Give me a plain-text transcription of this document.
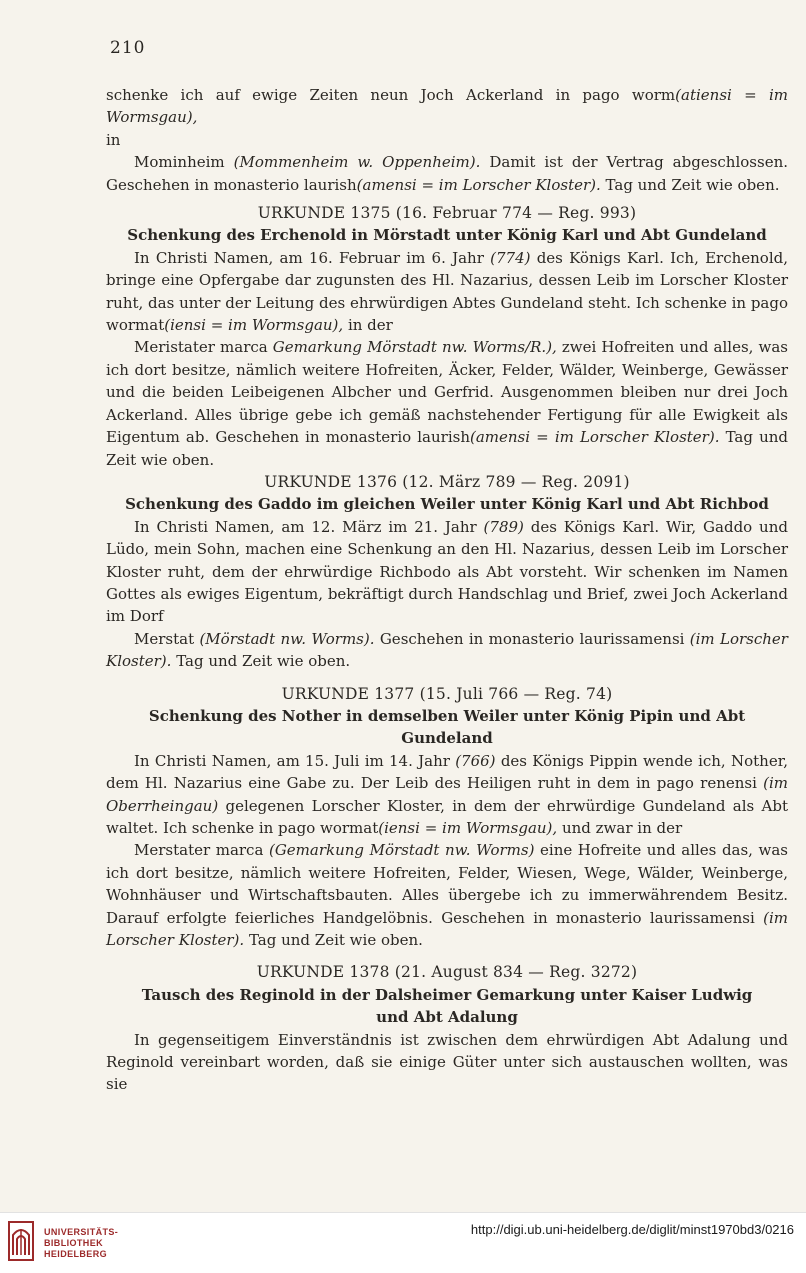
210

schenke ich auf ewige Zeiten neun Joch Ackerland in pago worm(atiensi = im Wormsgau),
in

Mominheim (Mommenheim w. Oppenheim). Damit ist der Vertrag abgeschlossen. Geschehen in monasterio laurish(amensi = im Lorscher Kloster). Tag und Zeit wie oben.

URKUNDE 1375 (16. Februar 774 — Reg. 993)

Schenkung des Erchenold in Mörstadt unter König Karl und Abt Gundeland

In Christi Namen, am 16. Februar im 6. Jahr (774) des Königs Karl. Ich, Erchenold, bringe eine Opfergabe dar zugunsten des Hl. Nazarius, dessen Leib im Lorscher Kloster ruht, das unter der Leitung des ehrwürdigen Abtes Gundeland steht. Ich schenke in pago wormat(iensi = im Wormsgau), in der

Meristater marca Gemarkung Mörstadt nw. Worms/R.), zwei Hofreiten und alles, was ich dort besitze, nämlich weitere Hofreiten, Äcker, Felder, Wälder, Weinberge, Gewässer und die beiden Leibeigenen Albcher und Gerfrid. Ausgenommen bleiben nur drei Joch Ackerland. Alles übrige gebe ich gemäß nachstehender Fertigung für alle Ewigkeit als Eigentum ab. Geschehen in monasterio laurish(amensi = im Lorscher Kloster). Tag und Zeit wie oben.

URKUNDE 1376 (12. März 789 — Reg. 2091)

Schenkung des Gaddo im gleichen Weiler unter König Karl und Abt Richbod

In Christi Namen, am 12. März im 21. Jahr (789) des Königs Karl. Wir, Gaddo und Lüdo, mein Sohn, machen eine Schenkung an den Hl. Nazarius, dessen Leib im Lorscher Kloster ruht, dem der ehrwürdige Richbodo als Abt vorsteht. Wir schenken im Namen Gottes als ewiges Eigentum, bekräftigt durch Handschlag und Brief, zwei Joch Ackerland im Dorf

Merstat (Mörstadt nw. Worms). Geschehen in monasterio laurissamensi (im Lorscher Kloster). Tag und Zeit wie oben.

URKUNDE 1377 (15. Juli 766 — Reg. 74)

Schenkung des Nother in demselben Weiler unter König Pipin und Abt Gundeland

In Christi Namen, am 15. Juli im 14. Jahr (766) des Königs Pippin wende ich, Nother, dem Hl. Nazarius eine Gabe zu. Der Leib des Heiligen ruht in dem in pago renensi (im Oberrheingau) gelegenen Lorscher Kloster, in dem der ehrwürdige Gundeland als Abt waltet. Ich schenke in pago wormat(iensi = im Wormsgau), und zwar in der

Merstater marca (Gemarkung Mörstadt nw. Worms) eine Hofreite und alles das, was ich dort besitze, nämlich weitere Hofreiten, Felder, Wiesen, Wege, Wälder, Weinberge, Wohnhäuser und Wirtschaftsbauten. Alles übergebe ich zu immerwährendem Besitz. Darauf erfolgte feierliches Handgelöbnis. Geschehen in monasterio laurissamensi (im Lorscher Kloster). Tag und Zeit wie oben.

URKUNDE 1378 (21. August 834 — Reg. 3272)

Tausch des Reginold in der Dalsheimer Gemarkung unter Kaiser Ludwig

und Abt Adalung

In gegenseitigem Einverständnis ist zwischen dem ehrwürdigen Abt Adalung und Reginold vereinbart worden, daß sie einige Güter unter sich austauschen wollten, was sie

UNIVERSITÄTS-
BIBLIOTHEK
HEIDELBERG
http://digi.ub.uni-heidelberg.de/diglit/minst1970bd3/0216
